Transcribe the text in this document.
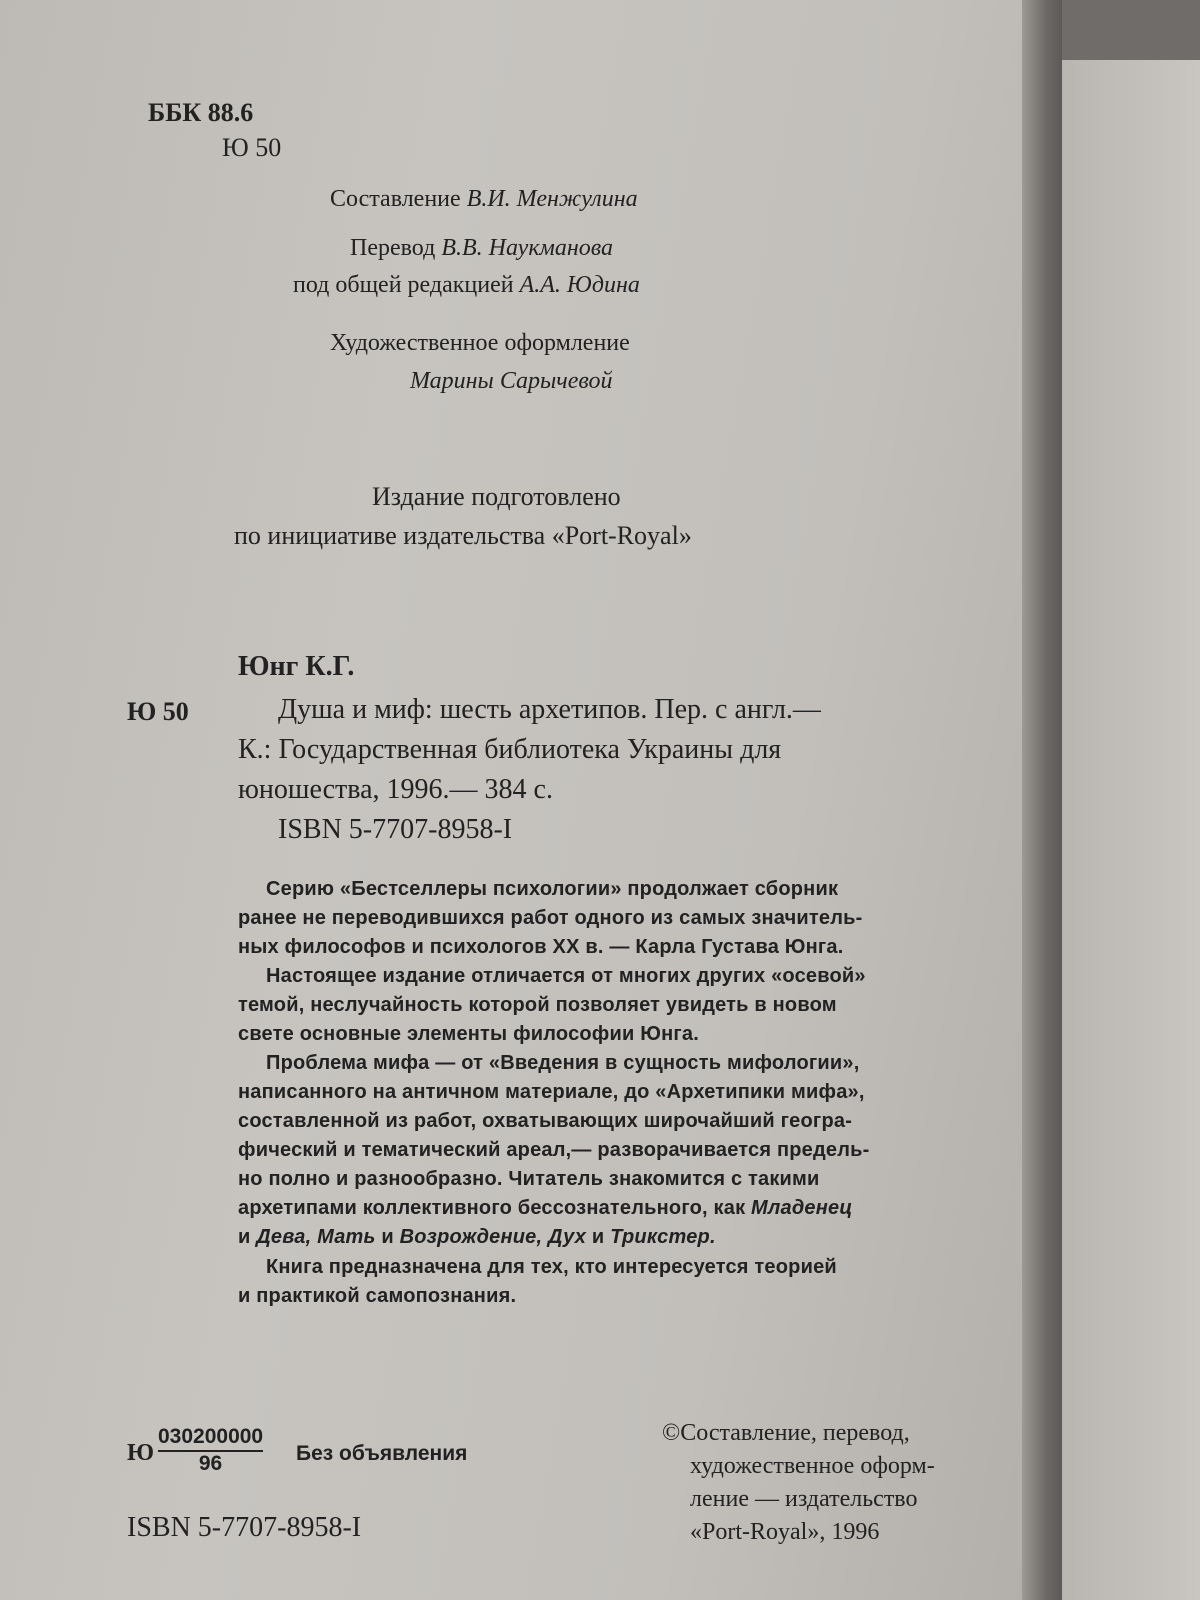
ББК 88.6

Ю 50

Составление В.И. Менжулина

Перевод В.В. Наукманова

под общей редакцией А.А. Юдина

Художественное оформление

Марины Сарычевой

Издание подготовлено

по инициативе издательства «Port-Royal»

Юнг К.Г.

Ю 50	Душа и миф: шесть архетипов. Пер. с англ.—

К.: Государственная библиотека Украины для

юношества, 1996.— 384 с.

ISBN 5-7707-8958-I

Серию «Бестселлеры психологии» продолжает сборник

ранее не переводившихся работ одного из самых значитель-

ных философов и психологов XX в. — Карла Густава Юнга.

Настоящее издание отличается от многих других «осевой»

темой, неслучайность которой позволяет увидеть в новом

свете основные элементы философии Юнга.

Проблема мифа — от «Введения в сущность мифологии»,

написанного на античном материале, до «Архетипики мифа»,

составленной из работ, охватывающих широчайший геогра-

фический и тематический ареал,— разворачивается предель-

но полно и разнообразно. Читатель знакомится с такими

архетипами коллективного бессознательного, как Младенец

и Дева, Мать и Возрождение, Дух и Трикстер.

Книга предназначена для тех, кто интересуется теорией

и практикой самопознания.

Ю $\frac{030200000}{96}$ Без объявления

ISBN 5-7707-8958-I

©Составление, перевод,

художественное оформ-

ление — издательство

«Port-Royal», 1996
